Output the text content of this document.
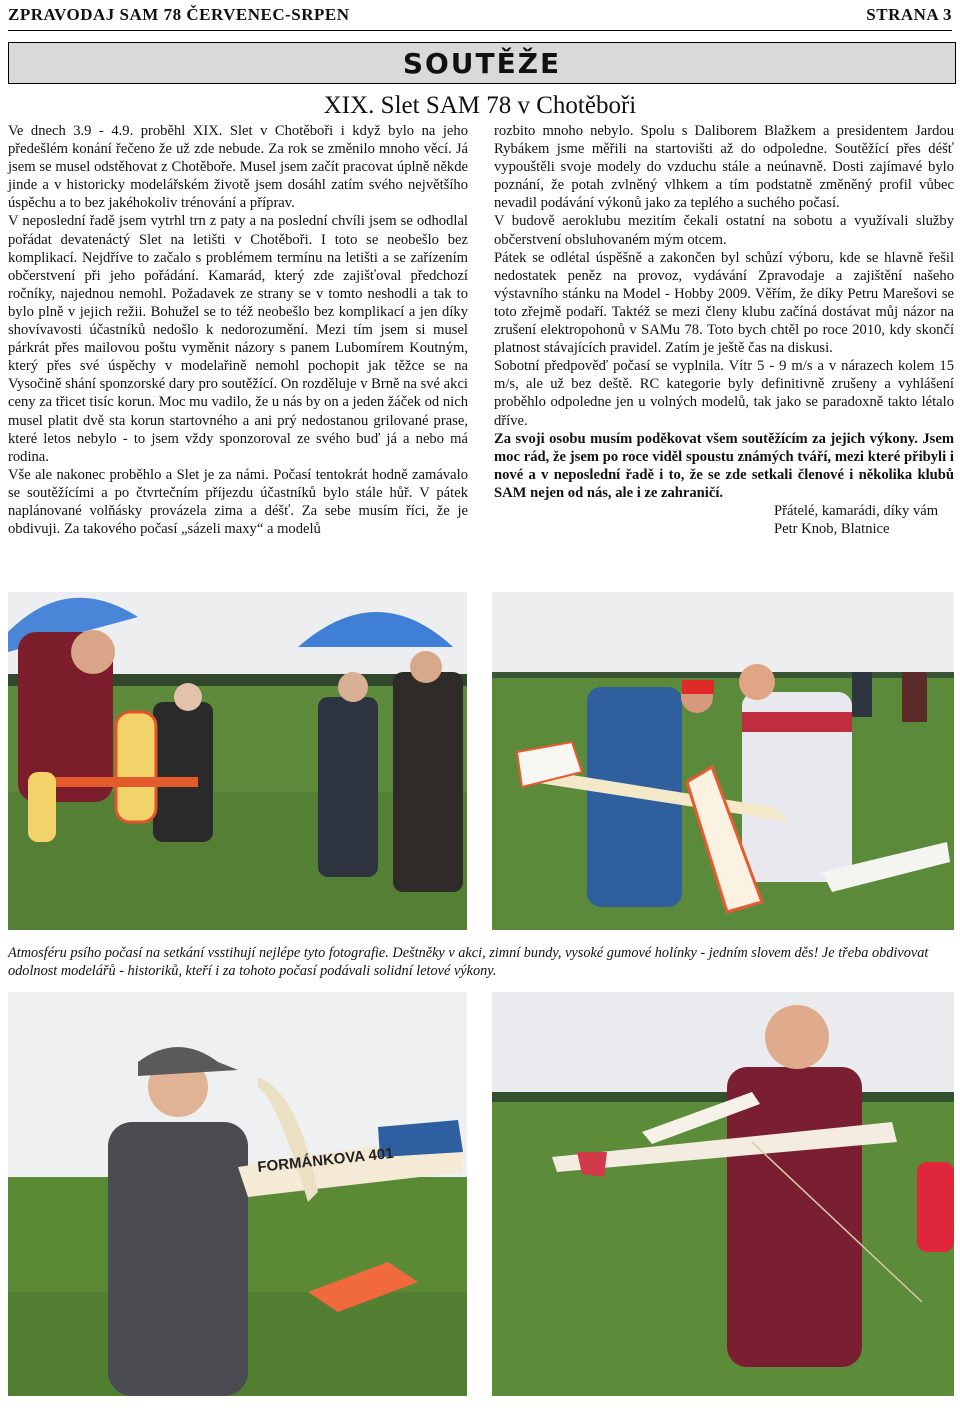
ZPRAVODAJ SAM 78 ČERVENEC-SRPEN	STRANA 3
SOUTĚŽE
XIX. Slet SAM 78 v Chotěboři

Ve dnech 3.9 - 4.9. proběhl XIX. Slet v Chotěboři i když bylo na jeho předešlém konání řečeno že už zde nebude. Za rok se změnilo mnoho věcí. Já jsem se musel odstěhovat z Chotěboře. Musel jsem začít pracovat úplně někde jinde a v historicky modelářském životě jsem dosáhl zatím svého největšího úspěchu a to bez jakéhokoliv trénování a příprav.

V neposlední řadě jsem vytrhl trn z paty a na poslední chvíli jsem se odhodlal pořádat devatenáctý Slet na letišti v Chotěboři. I toto se neobešlo bez komplikací. Nejdříve to začalo s problémem termínu na letišti a se zařízením občerstvení při jeho pořádání. Kamarád, který zde zajišťoval předchozí ročníky, najednou nemohl. Požadavek ze strany se v tomto neshodli a tak to bylo plně v jejich režii. Bohužel se to též neobešlo bez komplikací a jen díky shovívavosti účastníků nedošlo k nedorozumění. Mezi tím jsem si musel párkrát přes mailovou poštu vyměnit názory s panem Lubomírem Koutným, který přes své úspěchy v modelařině nemohl pochopit jak těžce se na Vysočině shání sponzorské dary pro soutěžící. On rozděluje v Brně na své akci ceny za třicet tisíc korun. Moc mu vadilo, že u nás by on a jeden žáček od nich musel platit dvě sta korun startovného a ani prý nedostanou grilované prase, které letos nebylo - to jsem vždy sponzoroval ze svého buď já a nebo má rodina.

Vše ale nakonec proběhlo a Slet je za námi. Počasí tentokrát hodně zamávalo se soutěžícími a po čtvrtečním příjezdu účastníků bylo stále hůř. V pátek naplánované volňásky provázela zima a déšť. Za sebe musím říci, že je obdivuji. Za takového počasí „sázeli maxy“ a modelů

rozbito mnoho nebylo. Spolu s Daliborem Blažkem a presidentem Jardou Rybákem jsme měřili na startovišti až do odpoledne. Soutěžící přes déšť vypouštěli svoje modely do vzduchu stále a neúnavně. Dosti zajímavé bylo poznání, že potah zvlněný vlhkem a tím podstatně změněný profil vůbec nevadil podávání výkonů jako za teplého a suchého počasí.

V budově aeroklubu mezitím čekali ostatní na sobotu a využívali služby občerstvení obsluhovaném mým otcem.

Pátek se odlétal úspěšně a zakončen byl schůzí výboru, kde se hlavně řešil nedostatek peněz na provoz, vydávání Zpravodaje a zajištění našeho výstavního stánku na Model - Hobby 2009. Věřím, že díky Petru Marešovi se toto zřejmě podaří. Taktéž se mezi členy klubu začíná dostávat můj názor na zrušení elektropohonů v SAMu 78. Toto bych chtěl po roce 2010, kdy skončí platnost stávajících pravidel. Zatím je ještě čas na diskusi.

Sobotní předpověď počasí se vyplnila. Vítr 5 - 9 m/s a v nárazech kolem 15 m/s, ale už bez deště. RC kategorie byly definitivně zrušeny a vyhlášení proběhlo odpoledne jen u volných modelů, tak jako se paradoxně takto létalo dříve.

Za svoji osobu musím poděkovat všem soutěžícím za jejich výkony. Jsem moc rád, že jsem po roce viděl spoustu známých tváří, mezi které přibyli i nové a v neposlední řadě i to, že se zde setkali členové i několika klubů SAM nejen od nás, ale i ze zahraničí.

Přátelé, kamarádi, díky vám

Petr Knob, Blatnice

Atmosféru psího počasí na setkání vsstihují nejlépe tyto fotografie. Deštněky v akci, zimní bundy, vysoké gumové holínky - jedním slovem děs! Je třeba obdivovat odolnost modelářů - historiků, kteří i za tohoto počasí podávali solidní letové výkony.
FORMÁNKOVA 401
